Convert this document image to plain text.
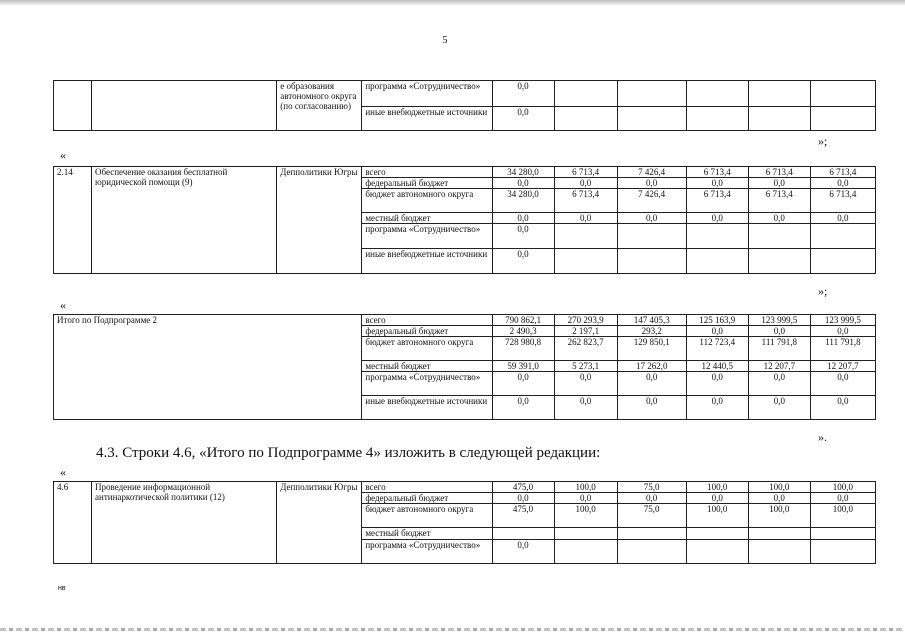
5
		е образования автономного округа (по согласованию)	программа «Сотрудничество»	0,0					
			иные внебюджетные источники	0,0					
»;
«
2.14	Обеспечение оказания бесплатной юридической помощи (9)	Депполитики Югры	всего	34 280,0	6 713,4	7 426,4	6 713,4	6 713,4	6 713,4
			федеральный бюджет	0,0	0,0	0,0	0,0	0,0	0,0
			бюджет автономного округа	34 280,0	6 713,4	7 426,4	6 713,4	6 713,4	6 713,4
			местный бюджет	0,0	0,0	0,0	0,0	0,0	0,0
			программа «Сотрудничество»	0,0					
			иные внебюджетные источники	0,0					
»;
«
Итого по Подпрограмме 2	всего	790 862,1	270 293,9	147 405,3	125 163,9	123 999,5	123 999,5
	федеральный бюджет	2 490,3	2 197,1	293,2	0,0	0,0	0,0
	бюджет автономного округа	728 980,8	262 823,7	129 850,1	112 723,4	111 791,8	111 791,8
	местный бюджет	59 391,0	5 273,1	17 262,0	12 440,5	12 207,7	12 207,7
	программа «Сотрудничество»	0,0	0,0	0,0	0,0	0,0	0,0
	иные внебюджетные источники	0,0	0,0	0,0	0,0	0,0	0,0
».
4.3. Строки 4.6, «Итого по Подпрограмме 4» изложить в следующей редакции:
«
4.6	Проведение информационной антинаркотической политики (12)	Депполитики Югры	всего	475,0	100,0	75,0	100,0	100,0	100,0
			федеральный бюджет	0,0	0,0	0,0	0,0	0,0	0,0
			бюджет автономного округа	475,0	100,0	75,0	100,0	100,0	100,0
			местный бюджет						
			программа «Сотрудничество»	0,0					
нв
